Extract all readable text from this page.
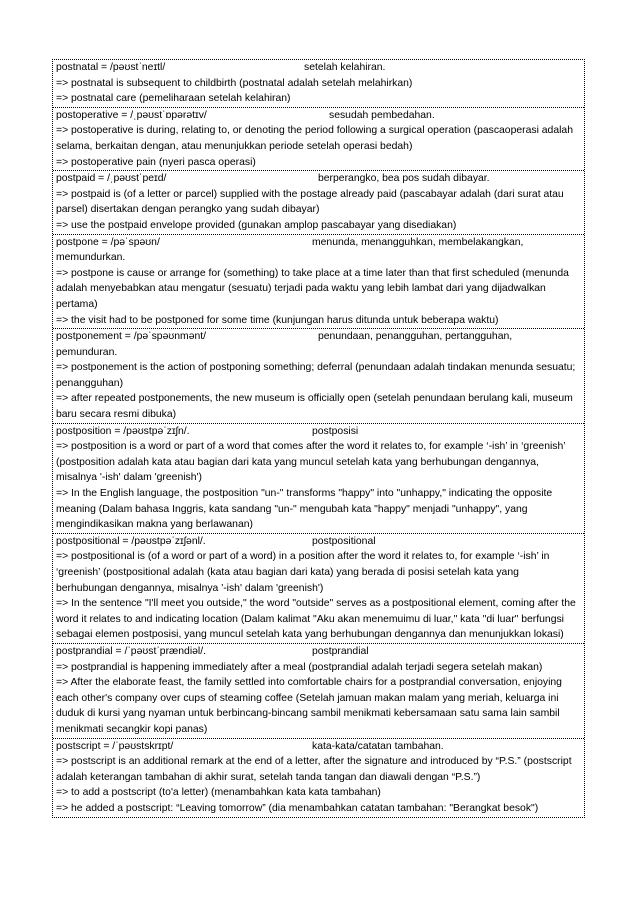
postnatal = /pəʊstˈneɪtl/	setelah kelahiran.
=> postnatal is subsequent to childbirth (postnatal adalah setelah melahirkan)
=> postnatal care (pemeliharaan setelah kelahiran)
postoperative = /ˌpəʊstˈɒpərətɪv/	sesudah pembedahan.
=> postoperative is during, relating to, or denoting the period following a surgical operation (pascaoperasi adalah selama, berkaitan dengan, atau menunjukkan periode setelah operasi bedah)
=> postoperative pain (nyeri pasca operasi)
postpaid = /ˌpəʊstˈpeɪd/	berperangko, bea pos sudah dibayar.
=> postpaid is (of a letter or parcel) supplied with the postage already paid (pascabayar adalah (dari surat atau parsel) disertakan dengan perangko yang sudah dibayar)
=> use the postpaid envelope provided (gunakan amplop pascabayar yang disediakan)
postpone = /pəˈspəʊn/	menunda, menangguhkan, membelakangkan,
memundurkan.
=> postpone is cause or arrange for (something) to take place at a time later than that first scheduled (menunda adalah menyebabkan atau mengatur (sesuatu) terjadi pada waktu yang lebih lambat dari yang dijadwalkan pertama)
=> the visit had to be postponed for some time (kunjungan harus ditunda untuk beberapa waktu)
postponement = /pəˈspəʊnmənt/	penundaan, penangguhan, pertangguhan,
pemunduran.
=> postponement is the action of postponing something; deferral (penundaan adalah tindakan menunda sesuatu; penangguhan)
=> after repeated postponements, the new museum is officially open (setelah penundaan berulang kali, museum baru secara resmi dibuka)
postposition = /pəʊstpəˈzɪʃn/.	postposisi
=> postposition is a word or part of a word that comes after the word it relates to, for example ‘-ish’ in ‘greenish’ (postposition adalah kata atau bagian dari kata yang muncul setelah kata yang berhubungan dengannya, misalnya '-ish' dalam 'greenish')
=> In the English language, the postposition "un-" transforms "happy" into "unhappy," indicating the opposite meaning (Dalam bahasa Inggris, kata sandang "un-" mengubah kata "happy" menjadi "unhappy", yang mengindikasikan makna yang berlawanan)
postpositional = /pəʊstpəˈzɪʃənl/.	postpositional
=> postpositional is (of a word or part of a word) in a position after the word it relates to, for example ‘-ish’ in ‘greenish’ (postpositional adalah (kata atau bagian dari kata) yang berada di posisi setelah kata yang berhubungan dengannya, misalnya '-ish' dalam 'greenish')
=> In the sentence "I'll meet you outside," the word "outside" serves as a postpositional element, coming after the word it relates to and indicating location (Dalam kalimat "Aku akan menemuimu di luar," kata "di luar" berfungsi sebagai elemen postposisi, yang muncul setelah kata yang berhubungan dengannya dan menunjukkan lokasi)
postprandial = /ˈpəʊstˈprændiəl/.	postprandial
=> postprandial is happening immediately after a meal (postprandial adalah terjadi segera setelah makan)
=> After the elaborate feast, the family settled into comfortable chairs for a postprandial conversation, enjoying each other's company over cups of steaming coffee (Setelah jamuan makan malam yang meriah, keluarga ini duduk di kursi yang nyaman untuk berbincang-bincang sambil menikmati kebersamaan satu sama lain sambil menikmati secangkir kopi panas)
postscript = /ˈpəʊstskrɪpt/	kata-kata/catatan tambahan.
=> postscript is an additional remark at the end of a letter, after the signature and introduced by “P.S.” (postscript adalah keterangan tambahan di akhir surat, setelah tanda tangan dan diawali dengan “P.S.”)
=> to add a postscript (to'a letter) (menambahkan kata kata tambahan)
=> he added a postscript: “Leaving tomorrow” (dia menambahkan catatan tambahan: "Berangkat besok")
